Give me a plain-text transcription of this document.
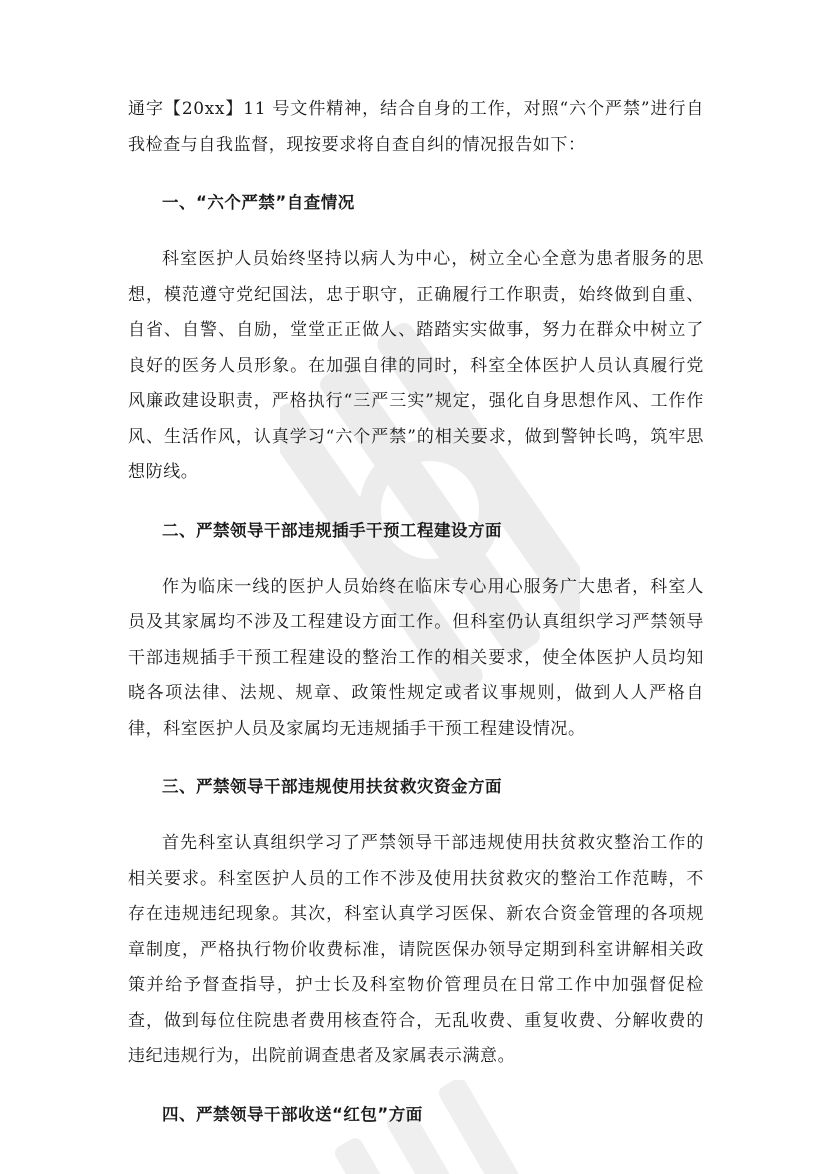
通字【20xx】11 号文件精神，结合自身的工作，对照“六个严禁”进行自我检查与自我监督，现按要求将自查自纠的情况报告如下：

一、“六个严禁”自查情况

科室医护人员始终坚持以病人为中心，树立全心全意为患者服务的思想，模范遵守党纪国法，忠于职守，正确履行工作职责，始终做到自重、自省、自警、自励，堂堂正正做人、踏踏实实做事，努力在群众中树立了良好的医务人员形象。在加强自律的同时，科室全体医护人员认真履行党风廉政建设职责，严格执行“三严三实”规定，强化自身思想作风、工作作风、生活作风，认真学习“六个严禁”的相关要求，做到警钟长鸣，筑牢思想防线。

二、严禁领导干部违规插手干预工程建设方面

作为临床一线的医护人员始终在临床专心用心服务广大患者，科室人员及其家属均不涉及工程建设方面工作。但科室仍认真组织学习严禁领导干部违规插手干预工程建设的整治工作的相关要求，使全体医护人员均知晓各项法律、法规、规章、政策性规定或者议事规则，做到人人严格自律，科室医护人员及家属均无违规插手干预工程建设情况。

三、严禁领导干部违规使用扶贫救灾资金方面

首先科室认真组织学习了严禁领导干部违规使用扶贫救灾整治工作的相关要求。科室医护人员的工作不涉及使用扶贫救灾的整治工作范畴，不存在违规违纪现象。其次，科室认真学习医保、新农合资金管理的各项规章制度，严格执行物价收费标准，请院医保办领导定期到科室讲解相关政策并给予督查指导，护士长及科室物价管理员在日常工作中加强督促检查，做到每位住院患者费用核查符合，无乱收费、重复收费、分解收费的违纪违规行为，出院前调查患者及家属表示满意。

四、严禁领导干部收送“红包”方面
